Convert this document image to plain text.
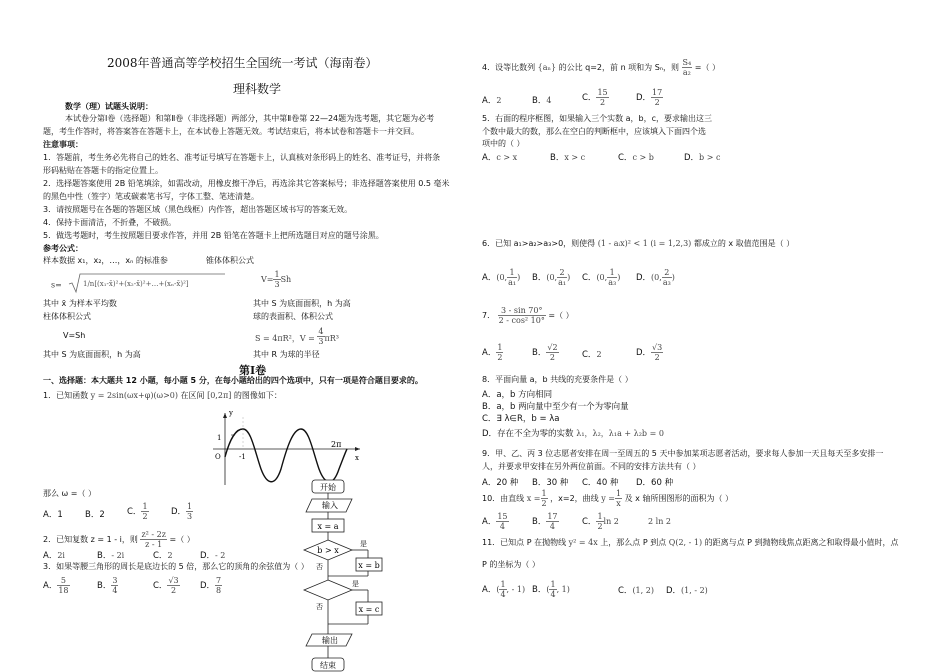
2008年普通高等学校招生全国统一考试（海南卷）
理科数学
数学（理）试题头说明：
本试卷分第Ⅰ卷（选择题）和第Ⅱ卷（非选择题）两部分，其中第Ⅱ卷第 22—24题为选考题，其它题为必考
题，考生作答时，将答案答在答题卡上，在本试卷上答题无效。考试结束后，将本试卷和答题卡一并交回。
注意事项：
1．答题前，考生务必先将自己的姓名、准考证号填写在答题卡上，认真核对条形码上的姓名、准考证号，并将条
形码粘贴在答题卡的指定位置上。
2．选择题答案使用 2B 铅笔填涂，如需改动，用橡皮擦干净后，再选涂其它答案标号；非选择题答案使用 0.5 毫米
的黑色中性（签字）笔或碳素笔书写，字体工整、笔迹清楚。
3．请按照题号在各题的答题区域（黑色线框）内作答，超出答题区域书写的答案无效。
4．保持卡面清洁，不折叠，不破损。
5．做选考题时，考生按照题目要求作答，并用 2B 铅笔在答题卡上把所选题目对应的题号涂黑。
参考公式：
样本数据 x₁，x₂，…，xₙ 的标准参	锥体体积公式
s=	1/n[(x₁-x̄)²+(x₂-x̄)²+…+(xₙ-x̄)²]	$V= \frac{1}{3}$ Sh
其中 x̄ 为样本平均数	其中 S 为底面面积，h 为高
柱体体积公式	球的表面积、体积公式
V=Sh	S = 4πR²，$V = \frac{4}{3} \pi R^3$
其中 S 为底面面积，h 为高	其中 R 为球的半径
第Ⅰ卷
一、选择题：本大题共 12 小题，每小题 5 分，在每小题给出的四个选项中，只有一项是符合题目要求的。
1．已知函数 y = 2sin(ωx+φ)(ω>0) 在区间 [0,2π] 的图像如下：
y
x
O
1
-1
2π
那么 ω =（ ）
A．1	B．2	C． $\frac{1}{2}$	D． $\frac{1}{3}$
2．已知复数 z = 1 - i，则 $\frac{\text{z² - 2z}}{z - 1}$ =（ ）
A．2i	B．- 2i	C．2	D．- 2
3．如果等腰三角形的周长是底边长的 5 倍，那么它的顶角的余弦值为（ ）
A． $\frac{5}{18}$	B． $\frac{3}{4}$	C． $\frac{√3}{2}$ D． $\frac{7}{8}$
开始
输入
x = a
b > x
是
否	x = b
是
否	x = c
输出
结束
4．设等比数列 {aₙ} 的公比 q=2，前 n 项和为 Sₙ，则 $\frac{\text{S₄}}{\text{a₂}}$ =（ ）
A．2	B．4	C． $\frac{15}{2}$	D． $\frac{17}{2}$
5．右面的程序框图，如果输入三个实数 a，b，c，要求输出这三
个数中最大的数，那么在空白的判断框中，应该填入下面四个选
项中的（ ）
A．c > x	B．x > c	C．c > b	D．b > c
6．已知 a₁>a₂>a₃>0，则使得 (1 - aᵢx)² < 1 (i = 1,2,3) 都成立的 x 取值范围是（ ）
A．(0, $\frac{1}{\text{a₁}}$ ) B．(0, $\frac{2}{\text{a₁}}$ ) C．(0, $\frac{1}{\text{a₃}}$ ) D．(0, $\frac{2}{\text{a₃}}$ )
7． $\frac{3 - \sin 70^\circ}{\text{2 - cos² 10°}}$ =（ ）
A． $\frac{1}{2}$	B． $\frac{√2}{2}$	C．2	D． $\frac{√3}{2}$
8．平面向量 a，b 共线的充要条件是（ ）
A．a，b 方向相同
B．a，b 两向量中至少有一个为零向量
C．∃ λ∈R，b = λa
D．存在不全为零的实数 λ₁，λ₂，λ₁a + λ₂b = 0
9．甲、乙、丙 3 位志愿者安排在周一至周五的 5 天中参加某项志愿者活动，要求每人参加一天且每天至多安排一
人，并要求甲安排在另外两位前面。不同的安排方法共有（ ）
A．20 种 B．30 种 C．40 种 D．60 种
10．由直线 $x = \frac{1}{2}$ ，x=2，曲线 $y = \frac{1}{x}$ 及 x 轴所围图形的面积为（ ）
A． $\frac{15}{4}$	B． $\frac{17}{4}$	C． $\frac{1}{2}$ ln 2	2 ln 2
11．已知点 P 在抛物线 y² = 4x 上，那么点 P 到点 Q(2, - 1) 的距离与点 P 到抛物线焦点距离之和取得最小值时，点
P 的坐标为（ ）
A．( $\frac{1}{4}$ , - 1) B．( $\frac{1}{4}$ , 1)	C．(1, 2) D．(1, - 2)
